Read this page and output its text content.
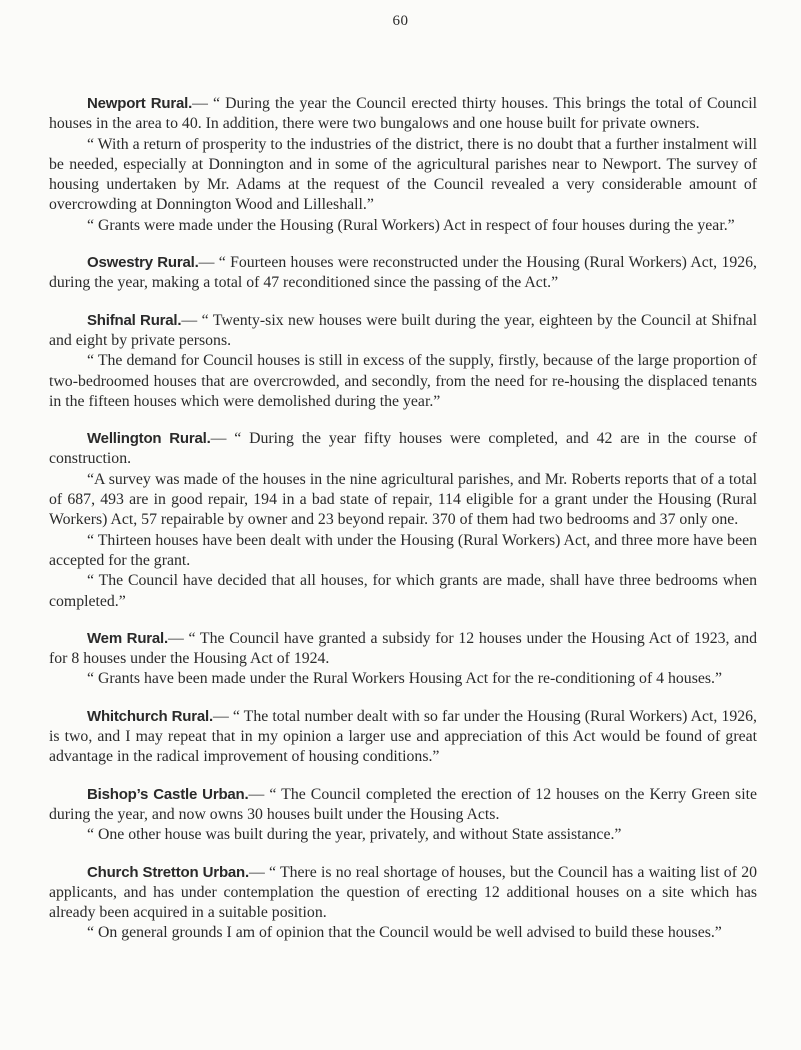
60

Newport Rural.— “ During the year the Council erected thirty houses. This brings the total of Council houses in the area to 40. In addition, there were two bungalows and one house built for private owners.

“ With a return of prosperity to the industries of the district, there is no doubt that a further instalment will be needed, especially at Donnington and in some of the agricultural parishes near to Newport. The survey of housing undertaken by Mr. Adams at the request of the Council revealed a very considerable amount of overcrowding at Donnington Wood and Lilleshall.”

“ Grants were made under the Housing (Rural Workers) Act in respect of four houses during the year.”

Oswestry Rural.— “ Fourteen houses were reconstructed under the Housing (Rural Workers) Act, 1926, during the year, making a total of 47 reconditioned since the passing of the Act.”

Shifnal Rural.— “ Twenty-six new houses were built during the year, eighteen by the Council at Shifnal and eight by private persons.

“ The demand for Council houses is still in excess of the supply, firstly, because of the large proportion of two-bedroomed houses that are overcrowded, and secondly, from the need for re-housing the displaced tenants in the fifteen houses which were demolished during the year.”

Wellington Rural.— “ During the year fifty houses were completed, and 42 are in the course of construction.

“A survey was made of the houses in the nine agricultural parishes, and Mr. Roberts reports that of a total of 687, 493 are in good repair, 194 in a bad state of repair, 114 eligible for a grant under the Housing (Rural Workers) Act, 57 repairable by owner and 23 beyond repair. 370 of them had two bedrooms and 37 only one.

“ Thirteen houses have been dealt with under the Housing (Rural Workers) Act, and three more have been accepted for the grant.

“ The Council have decided that all houses, for which grants are made, shall have three bedrooms when completed.”

Wem Rural.— “ The Council have granted a subsidy for 12 houses under the Housing Act of 1923, and for 8 houses under the Housing Act of 1924.

“ Grants have been made under the Rural Workers Housing Act for the re-conditioning of 4 houses.”

Whitchurch Rural.— “ The total number dealt with so far under the Housing (Rural Workers) Act, 1926, is two, and I may repeat that in my opinion a larger use and appreciation of this Act would be found of great advantage in the radical improvement of housing conditions.”

Bishop’s Castle Urban.— “ The Council completed the erection of 12 houses on the Kerry Green site during the year, and now owns 30 houses built under the Housing Acts.

“ One other house was built during the year, privately, and without State assistance.”

Church Stretton Urban.— “ There is no real shortage of houses, but the Council has a waiting list of 20 applicants, and has under contemplation the question of erecting 12 additional houses on a site which has already been acquired in a suitable position.

“ On general grounds I am of opinion that the Council would be well advised to build these houses.”
